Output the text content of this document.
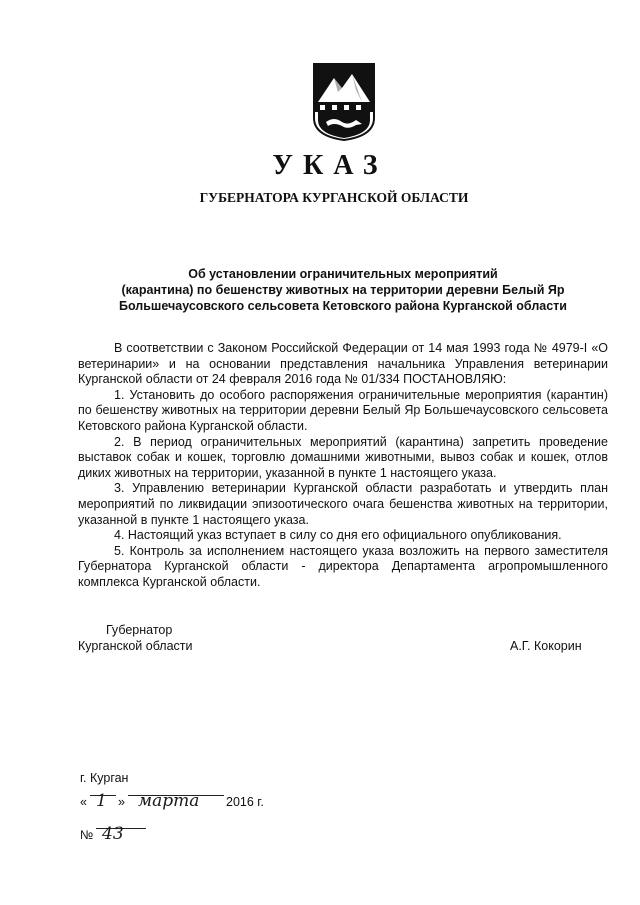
УКАЗ
ГУБЕРНАТОРА КУРГАНСКОЙ ОБЛАСТИ
Об установлении ограничительных мероприятий
(карантина) по бешенству животных на территории деревни Белый Яр
Большечаусовского сельсовета Кетовского района Курганской области

В соответствии с Законом Российской Федерации от 14 мая 1993 года № 4979-I «О ветеринарии» и на основании представления начальника Управления ветеринарии Курганской области от 24 февраля 2016 года № 01/334 ПОСТАНОВЛЯЮ:

1. Установить до особого распоряжения ограничительные мероприятия (карантин) по бешенству животных на территории деревни Белый Яр Большечаусовского сельсовета Кетовского района Курганской области.

2. В период ограничительных мероприятий (карантина) запретить проведение выставок собак и кошек, торговлю домашними животными, вывоз собак и кошек, отлов диких животных на территории, указанной в пункте 1 настоящего указа.

3. Управлению ветеринарии Курганской области разработать и утвердить план мероприятий по ликвидации эпизоотического очага бешенства животных на территории, указанной в пункте 1 настоящего указа.

4. Настоящий указ вступает в силу со дня его официального опубликования.

5. Контроль за исполнением настоящего указа возложить на первого заместителя Губернатора Курганской области - директора Департамента агропромышленного комплекса Курганской области.

Губернатор
Курганской области	А.Г. Кокорин
г. Курган
« 1 » марта 2016 г.
№ 43
